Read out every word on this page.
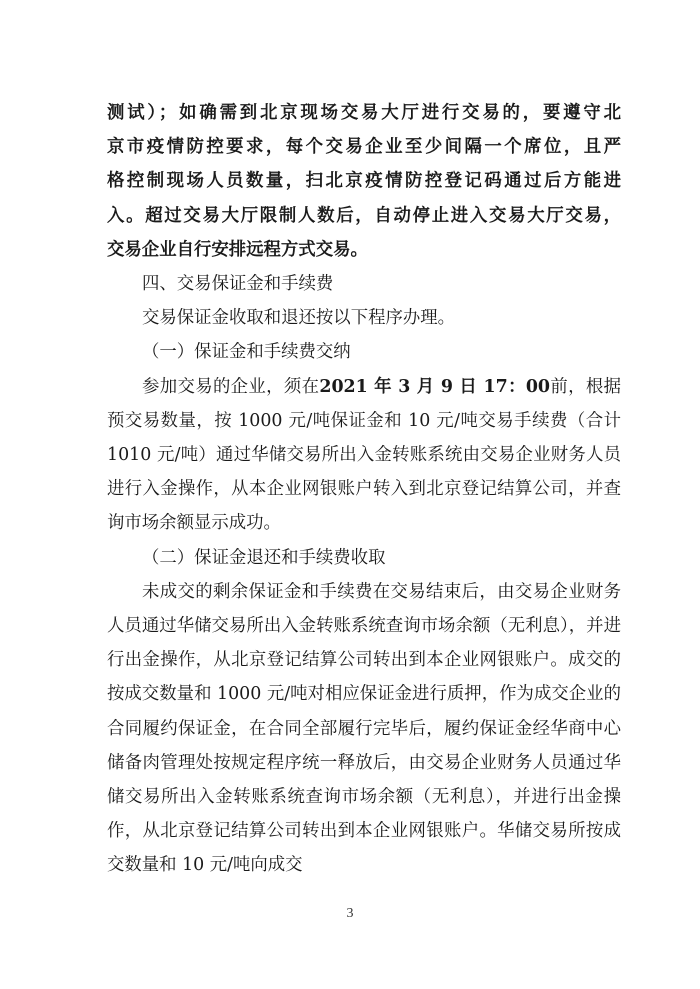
测试）；如确需到北京现场交易大厅进行交易的，要遵守北

京市疫情防控要求，每个交易企业至少间隔一个席位，且严

格控制现场人员数量，扫北京疫情防控登记码通过后方能进

入。超过交易大厅限制人数后，自动停止进入交易大厅交易，

交易企业自行安排远程方式交易。

四、交易保证金和手续费

交易保证金收取和退还按以下程序办理。

（一）保证金和手续费交纳

参加交易的企业，须在2021 年 3 月 9 日 17：00前，根据预交易数量，按 1000 元/吨保证金和 10 元/吨交易手续费（合计 1010 元/吨）通过华储交易所出入金转账系统由交易企业财务人员进行入金操作，从本企业网银账户转入到北京登记结算公司，并查询市场余额显示成功。

（二）保证金退还和手续费收取

未成交的剩余保证金和手续费在交易结束后，由交易企业财务人员通过华储交易所出入金转账系统查询市场余额（无利息），并进行出金操作，从北京登记结算公司转出到本企业网银账户。成交的按成交数量和 1000 元/吨对相应保证金进行质押，作为成交企业的合同履约保证金，在合同全部履行完毕后，履约保证金经华商中心储备肉管理处按规定程序统一释放后，由交易企业财务人员通过华储交易所出入金转账系统查询市场余额（无利息），并进行出金操作，从北京登记结算公司转出到本企业网银账户。华储交易所按成交数量和 10 元/吨向成交

3
